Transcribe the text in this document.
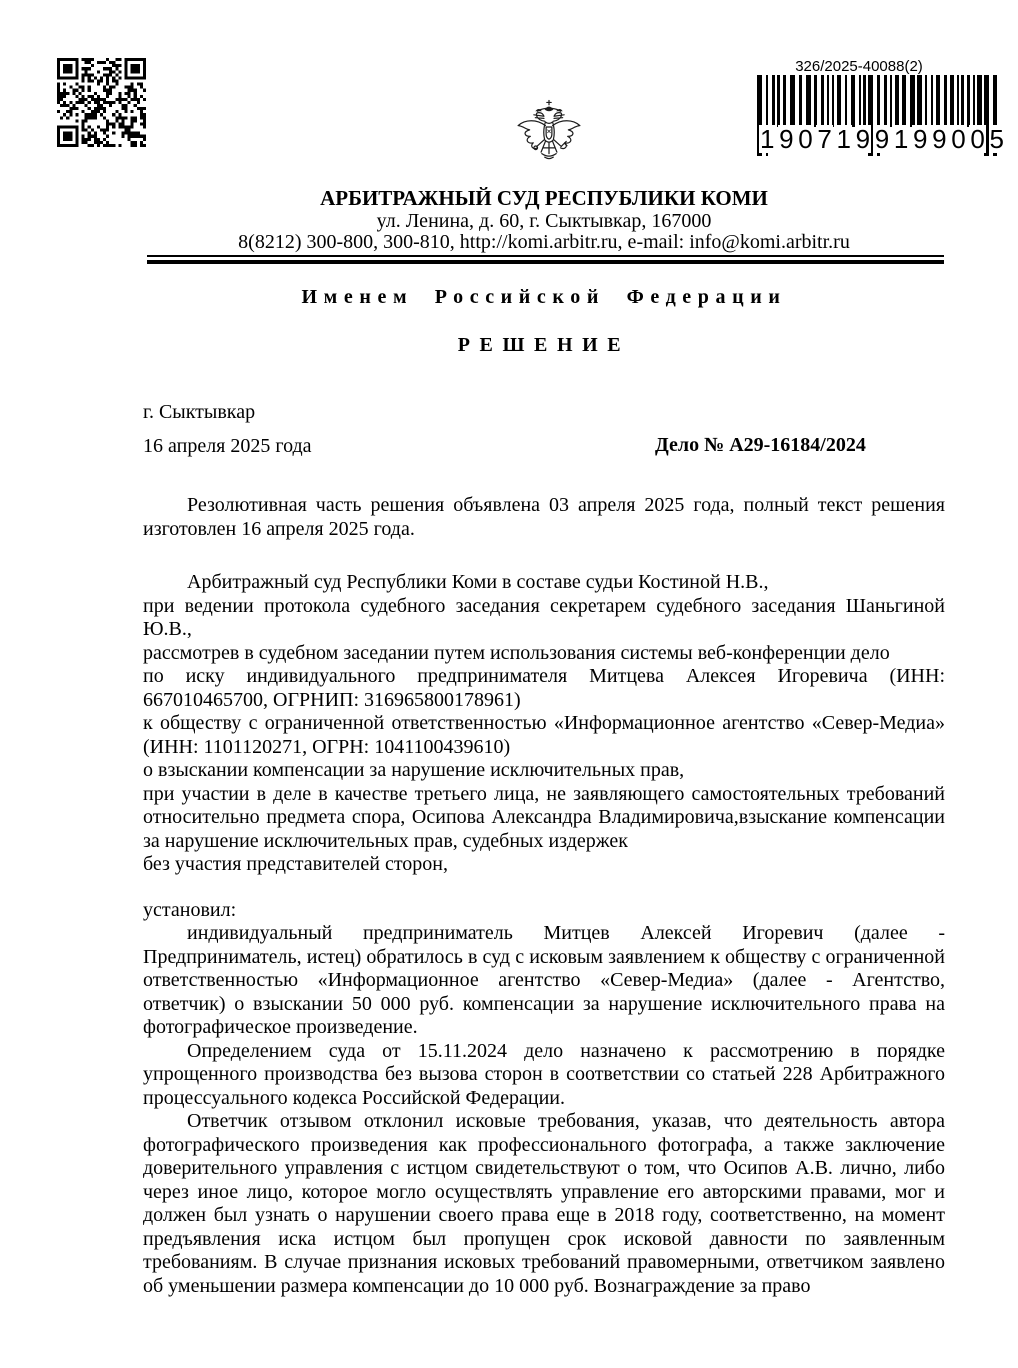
326/2025-40088(2)
1 9 0 7 1 9 9 1 9 9 0 0 5
АРБИТРАЖНЫЙ СУД РЕСПУБЛИКИ КОМИ
ул. Ленина, д. 60, г. Сыктывкар, 167000
8(8212) 300-800, 300-810, http://komi.arbitr.ru, e-mail: info@komi.arbitr.ru
Именем Российской Федерации
РЕШЕНИЕ
г. Сыктывкар
16 апреля 2025 года	Дело № А29-16184/2024

Резолютивная часть решения объявлена 03 апреля 2025 года, полный текст решения изготовлен 16 апреля 2025 года.

Арбитражный суд Республики Коми в составе судьи Костиной Н.В.,

при ведении протокола судебного заседания секретарем судебного заседания Шаньгиной Ю.В.,

рассмотрев в судебном заседании путем использования системы веб-конференции дело

по иску индивидуального предпринимателя Митцева Алексея Игоревича (ИНН: 667010465700, ОГРНИП: 316965800178961)

к обществу с ограниченной ответственностью «Информационное агентство «Север-Медиа» (ИНН: 1101120271, ОГРН: 1041100439610)

о взыскании компенсации за нарушение исключительных прав,

при участии в деле в качестве третьего лица, не заявляющего самостоятельных требований относительно предмета спора, Осипова Александра Владимировича,взыскание компенсации за нарушение исключительных прав, судебных издержек

без участия представителей сторон,

установил:

индивидуальный предприниматель Митцев Алексей Игоревич (далее - Предприниматель, истец) обратилось в суд с исковым заявлением к обществу с ограниченной ответственностью «Информационное агентство «Север-Медиа» (далее - Агентство, ответчик) о взыскании 50 000 руб. компенсации за нарушение исключительного права на фотографическое произведение.

Определением суда от 15.11.2024 дело назначено к рассмотрению в порядке упрощенного производства без вызова сторон в соответствии со статьей 228 Арбитражного процессуального кодекса Российской Федерации.

Ответчик отзывом отклонил исковые требования, указав, что деятельность автора фотографического произведения как профессионального фотографа, а также заключение доверительного управления с истцом свидетельствуют о том, что Осипов А.В. лично, либо через иное лицо, которое могло осуществлять управление его авторскими правами, мог и должен был узнать о нарушении своего права еще в 2018 году, соответственно, на момент предъявления иска истцом был пропущен срок исковой давности по заявленным требованиям. В случае признания исковых требований правомерными, ответчиком заявлено об уменьшении размера компенсации до 10 000 руб. Вознаграждение за право
